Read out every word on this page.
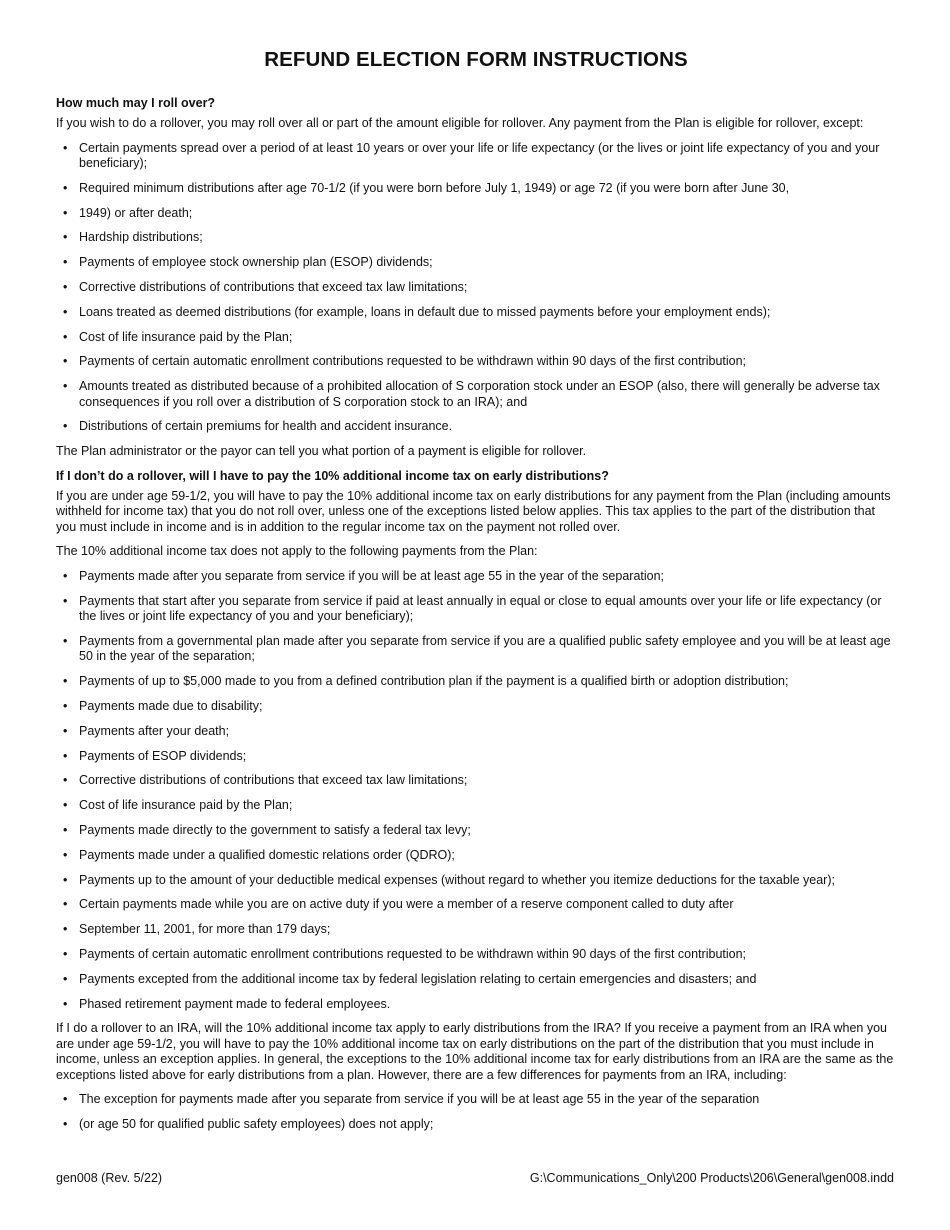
REFUND ELECTION FORM INSTRUCTIONS
How much may I roll over?

If you wish to do a rollover, you may roll over all or part of the amount eligible for rollover. Any payment from the Plan is eligible for rollover, except:

• Certain payments spread over a period of at least 10 years or over your life or life expectancy (or the lives or joint life expectancy of you and your beneficiary);
• Required minimum distributions after age 70-1/2 (if you were born before July 1, 1949) or age 72 (if you were born after June 30,
• 1949) or after death;
• Hardship distributions;
• Payments of employee stock ownership plan (ESOP) dividends;
• Corrective distributions of contributions that exceed tax law limitations;
• Loans treated as deemed distributions (for example, loans in default due to missed payments before your employment ends);
• Cost of life insurance paid by the Plan;
• Payments of certain automatic enrollment contributions requested to be withdrawn within 90 days of the first contribution;
• Amounts treated as distributed because of a prohibited allocation of S corporation stock under an ESOP (also, there will generally be adverse tax consequences if you roll over a distribution of S corporation stock to an IRA); and
• Distributions of certain premiums for health and accident insurance.

The Plan administrator or the payor can tell you what portion of a payment is eligible for rollover.

If I don’t do a rollover, will I have to pay the 10% additional income tax on early distributions?

If you are under age 59-1/2, you will have to pay the 10% additional income tax on early distributions for any payment from the Plan (including amounts withheld for income tax) that you do not roll over, unless one of the exceptions listed below applies. This tax applies to the part of the distribution that you must include in income and is in addition to the regular income tax on the payment not rolled over.

The 10% additional income tax does not apply to the following payments from the Plan:

• Payments made after you separate from service if you will be at least age 55 in the year of the separation;
• Payments that start after you separate from service if paid at least annually in equal or close to equal amounts over your life or life expectancy (or the lives or joint life expectancy of you and your beneficiary);
• Payments from a governmental plan made after you separate from service if you are a qualified public safety employee and you will be at least age 50 in the year of the separation;
• Payments of up to $5,000 made to you from a defined contribution plan if the payment is a qualified birth or adoption distribution;
• Payments made due to disability;
• Payments after your death;
• Payments of ESOP dividends;
• Corrective distributions of contributions that exceed tax law limitations;
• Cost of life insurance paid by the Plan;
• Payments made directly to the government to satisfy a federal tax levy;
• Payments made under a qualified domestic relations order (QDRO);
• Payments up to the amount of your deductible medical expenses (without regard to whether you itemize deductions for the taxable year);
• Certain payments made while you are on active duty if you were a member of a reserve component called to duty after
• September 11, 2001, for more than 179 days;
• Payments of certain automatic enrollment contributions requested to be withdrawn within 90 days of the first contribution;
• Payments excepted from the additional income tax by federal legislation relating to certain emergencies and disasters; and
• Phased retirement payment made to federal employees.

If I do a rollover to an IRA, will the 10% additional income tax apply to early distributions from the IRA? If you receive a payment from an IRA when you are under age 59-1/2, you will have to pay the 10% additional income tax on early distributions on the part of the distribution that you must include in income, unless an exception applies. In general, the exceptions to the 10% additional income tax for early distributions from an IRA are the same as the exceptions listed above for early distributions from a plan. However, there are a few differences for payments from an IRA, including:

• The exception for payments made after you separate from service if you will be at least age 55 in the year of the separation
• (or age 50 for qualified public safety employees) does not apply;
gen008 (Rev. 5/22)	G:\Communications_Only\200 Products\206\General\gen008.indd
